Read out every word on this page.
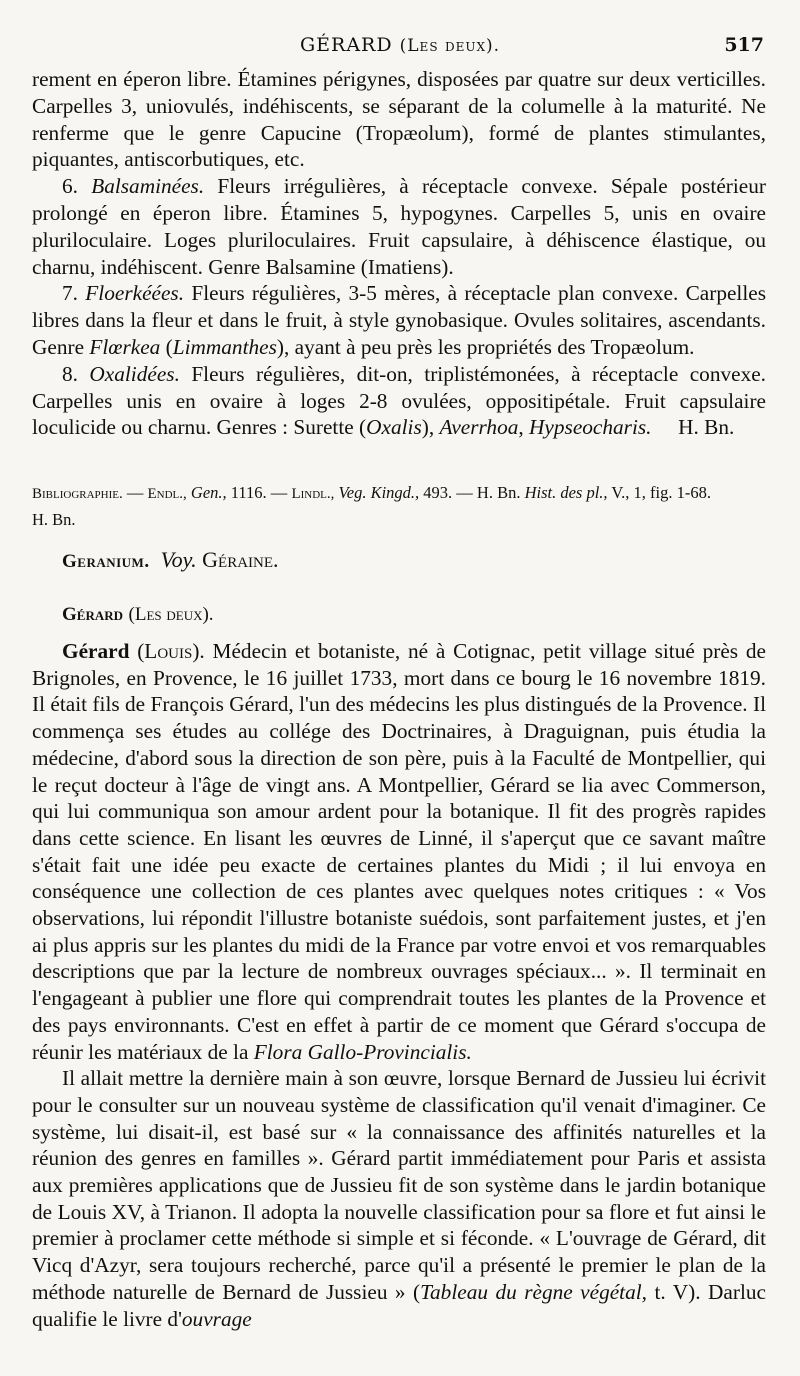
GÉRARD (Les deux).	517

rement en éperon libre. Étamines périgynes, disposées par quatre sur deux verticilles. Carpelles 3, uniovulés, indéhiscents, se séparant de la columelle à la maturité. Ne renferme que le genre Capucine (Tropæolum), formé de plantes stimulantes, piquantes, antiscorbutiques, etc.

6. Balsaminées. Fleurs irrégulières, à réceptacle convexe. Sépale postérieur prolongé en éperon libre. Étamines 5, hypogynes. Carpelles 5, unis en ovaire pluriloculaire. Loges pluriloculaires. Fruit capsulaire, à déhiscence élastique, ou charnu, indéhiscent. Genre Balsamine (Imatiens).

7. Floerkéées. Fleurs régulières, 3-5 mères, à réceptacle plan convexe. Carpelles libres dans la fleur et dans le fruit, à style gynobasique. Ovules solitaires, ascendants. Genre Flœrkea (Limmanthes), ayant à peu près les propriétés des Tropæolum.

8. Oxalidées. Fleurs régulières, dit-on, triplistémonées, à réceptacle convexe. Carpelles unis en ovaire à loges 2-8 ovulées, oppositipétale. Fruit capsulaire loculicide ou charnu. Genres : Surette (Oxalis), Averrhoa, Hypseocharis. H. Bn.

Bibliographie. — Endl., Gen., 1116. — Lindl., Veg. Kingd., 493. — H. Bn. Hist. des pl., V., 1, fig. 1-68.

H. Bn.

Geranium. Voy. Géraine.
Gérard (Les deux).

Gérard (Louis). Médecin et botaniste, né à Cotignac, petit village situé près de Brignoles, en Provence, le 16 juillet 1733, mort dans ce bourg le 16 novembre 1819. Il était fils de François Gérard, l'un des médecins les plus distingués de la Provence. Il commença ses études au collége des Doctrinaires, à Draguignan, puis étudia la médecine, d'abord sous la direction de son père, puis à la Faculté de Montpellier, qui le reçut docteur à l'âge de vingt ans. A Montpellier, Gérard se lia avec Commerson, qui lui communiqua son amour ardent pour la botanique. Il fit des progrès rapides dans cette science. En lisant les œuvres de Linné, il s'aperçut que ce savant maître s'était fait une idée peu exacte de certaines plantes du Midi ; il lui envoya en conséquence une collection de ces plantes avec quelques notes critiques : « Vos observations, lui répondit l'illustre botaniste suédois, sont parfaitement justes, et j'en ai plus appris sur les plantes du midi de la France par votre envoi et vos remarquables descriptions que par la lecture de nombreux ouvrages spéciaux... ». Il terminait en l'engageant à publier une flore qui comprendrait toutes les plantes de la Provence et des pays environnants. C'est en effet à partir de ce moment que Gérard s'occupa de réunir les matériaux de la Flora Gallo-Provincialis.

Il allait mettre la dernière main à son œuvre, lorsque Bernard de Jussieu lui écrivit pour le consulter sur un nouveau système de classification qu'il venait d'imaginer. Ce système, lui disait-il, est basé sur « la connaissance des affinités naturelles et la réunion des genres en familles ». Gérard partit immédiatement pour Paris et assista aux premières applications que de Jussieu fit de son système dans le jardin botanique de Louis XV, à Trianon. Il adopta la nouvelle classification pour sa flore et fut ainsi le premier à proclamer cette méthode si simple et si féconde. « L'ouvrage de Gérard, dit Vicq d'Azyr, sera toujours recherché, parce qu'il a présenté le premier le plan de la méthode naturelle de Bernard de Jussieu » (Tableau du règne végétal, t. V). Darluc qualifie le livre d'ouvrage
